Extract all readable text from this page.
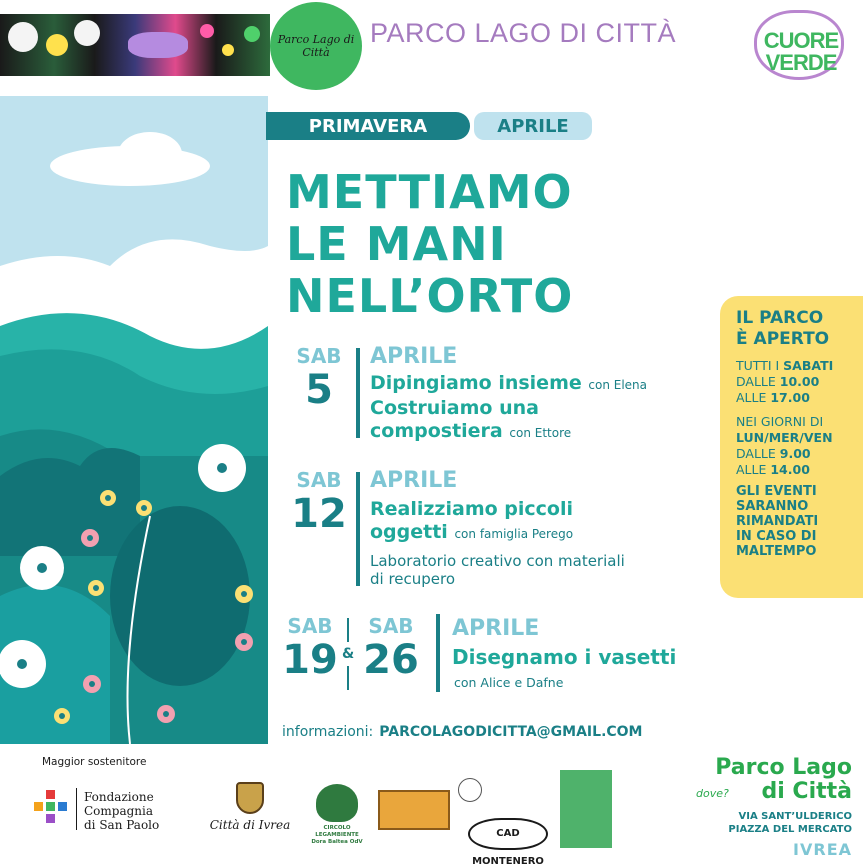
Parco Lago di Città
PARCO LAGO DI CITTÀ	CUORE
VERDE
PRIMAVERA	APRILE
METTIAMO
LE MANI
NELL’ORTO
SAB
5
APRILE
Dipingiamo insieme con Elena
Costruiamo una
compostiera con Ettore
SAB
12
APRILE
Realizziamo piccoli
oggetti con famiglia Perego
Laboratorio creativo con materiali
di recupero
SAB
19 &
SAB
26
APRILE
Disegnamo i vasetti
con Alice e Dafne
IL PARCO
È APERTO
TUTTI I SABATI
DALLE 10.00
ALLE 17.00
NEI GIORNI DI
LUN/MER/VEN
DALLE 9.00
ALLE 14.00
GLI EVENTI
SARANNO
RIMANDATI
IN CASO DI
MALTEMPO
informazioni: PARCOLAGODICITTA@GMAIL.COM
Maggior sostenitore
Fondazione
Compagnia
di San Paolo	Città di Ivrea	CIRCOLO LEGAMBIENTE
Dora Baltea OdV
CAD MONTENERO
Parco Lago
dove?	di Città
VIA SANT’ULDERICO
PIAZZA DEL MERCATO
IVREA
